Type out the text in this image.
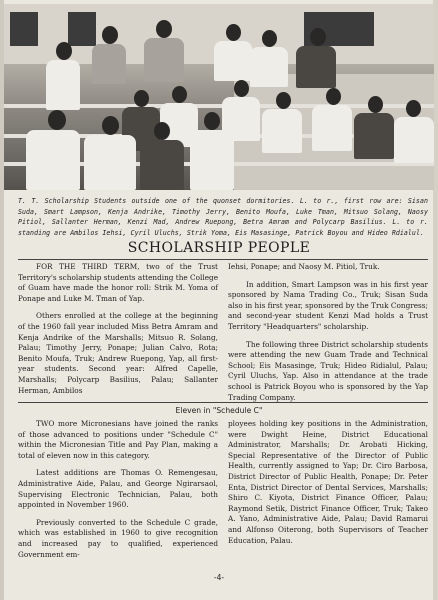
T. T. Scholarship Students outside one of the quonset dormitories. L. to r., first row are: Sisan Suda, Smart Lampson, Kenja Andrike, Timothy Jerry, Benito Moufa, Luke Tman, Mitsuo Solang, Naosy Pitiol, Sallanter Herman, Kenzi Mad, Andrew Ruepong, Betra Amram and Polycarp Basilius. L. to r. standing are Ambilos Iehsi, Cyril Uluchs, Strik Yoma, Eis Masasinge, Patrick Boyou and Hideo Rdialul.

SCHOLARSHIP PEOPLE

FOR THE THIRD TERM, two of the Trust Territory's scholarship students attending the College of Guam have made the honor roll: Strik M. Yoma of Ponape and Luke M. Tman of Yap.

Others enrolled at the college at the beginning of the 1960 fall year included Miss Betra Amram and Kenja Andrike of the Marshalls; Mitsuo R. Solang, Palau; Timothy Jerry, Ponape; Julian Calvo, Rota; Benito Moufa, Truk; Andrew Ruepong, Yap, all first-year students. Second year: Alfred Capelle, Marshalls; Polycarp Basilius, Palau; Sallanter Herman, Ambilos

Iehsi, Ponape; and Naosy M. Pitiol, Truk.

In addition, Smart Lampson was in his first year sponsored by Nama Trading Co., Truk; Sisan Suda also in his first year, sponsored by the Truk Congress; and second-year student Kenzi Mad holds a Trust Territory "Headquarters" scholarship.

The following three District scholarship students were attending the new Guam Trade and Technical School; Eis Masasinge, Truk; Hideo Ridialul, Palau; Cyril Uluchs, Yap. Also in attendance at the trade school is Patrick Boyou who is sponsored by the Yap Trading Company.

Eleven in "Schedule C"

TWO more Micronesians have joined the ranks of those advanced to positions under "Schedule C" within the Micronesian Title and Pay Plan, making a total of eleven now in this category.

Latest additions are Thomas O. Remengesau, Administrative Aide, Palau, and George Ngirarsaol, Supervising Electronic Technician, Palau, both appointed in November 1960.

Previously converted to the Schedule C grade, which was established in 1960 to give recognition and increased pay to qualified, experienced Government em-

ployees holding key positions in the Administration, were Dwight Heine, District Educational Administrator, Marshalls; Dr. Arobati Hicking, Special Representative of the Director of Public Health, currently assigned to Yap; Dr. Ciro Barbosa, District Director of Public Health, Ponape; Dr. Peter Enta, District Director of Dental Services, Marshalls; Shiro C. Kiyota, District Finance Officer, Palau; Raymond Setik, District Finance Officer, Truk; Takeo A. Yano, Administrative Aide, Palau; David Ramarui and Alfonso Oiterong, both Supervisors of Teacher Education, Palau.

-4-
